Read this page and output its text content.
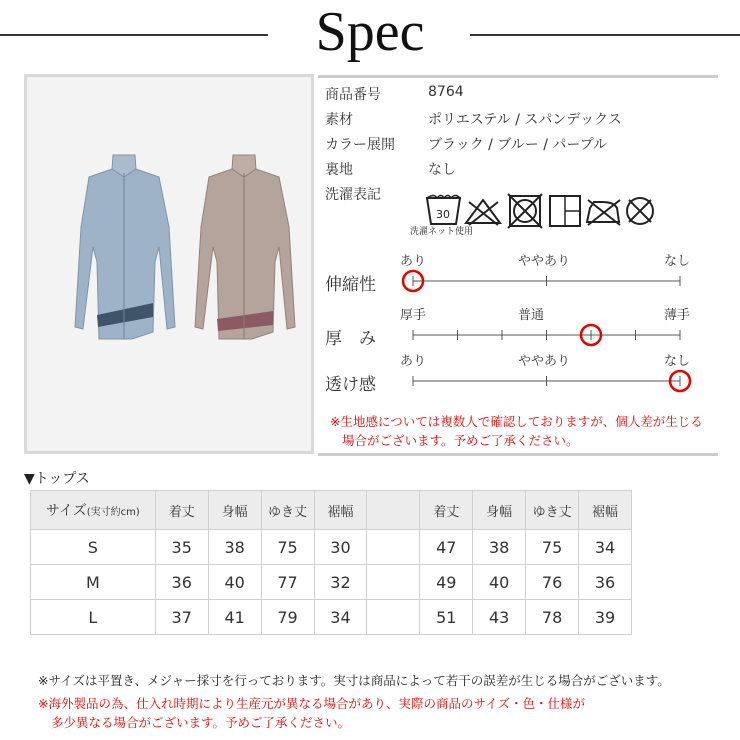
Spec
商品番号	8764
素材	ポリエステル / スパンデックス
カラー展開 ブラック / ブルー / パープル
裏地	なし
洗濯表記
30
洗濯ネット使用
伸縮性
あり	ややあり	なし
厚　み
厚手	普通	薄手
透け感
あり	ややあり	なし
※生地感については複数人で確認しておりますが、個人差が生じる
場合がございます。予めご了承ください。
▼トップス
サイズ(実寸約cm)	着丈	身幅	ゆき丈	裾幅		着丈	身幅	ゆき丈	裾幅
S	35	38	75	30		47	38	75	34
M	36	40	77	32		49	40	76	36
L	37	41	79	34		51	43	78	39
※サイズは平置き、メジャー採寸を行っております。実寸は商品によって若干の誤差が生じる場合がございます。
※海外製品の為、仕入れ時期により生産元が異なる場合があり、実際の商品のサイズ・色・仕様が
多少異なる場合がございます。予めご了承ください。
